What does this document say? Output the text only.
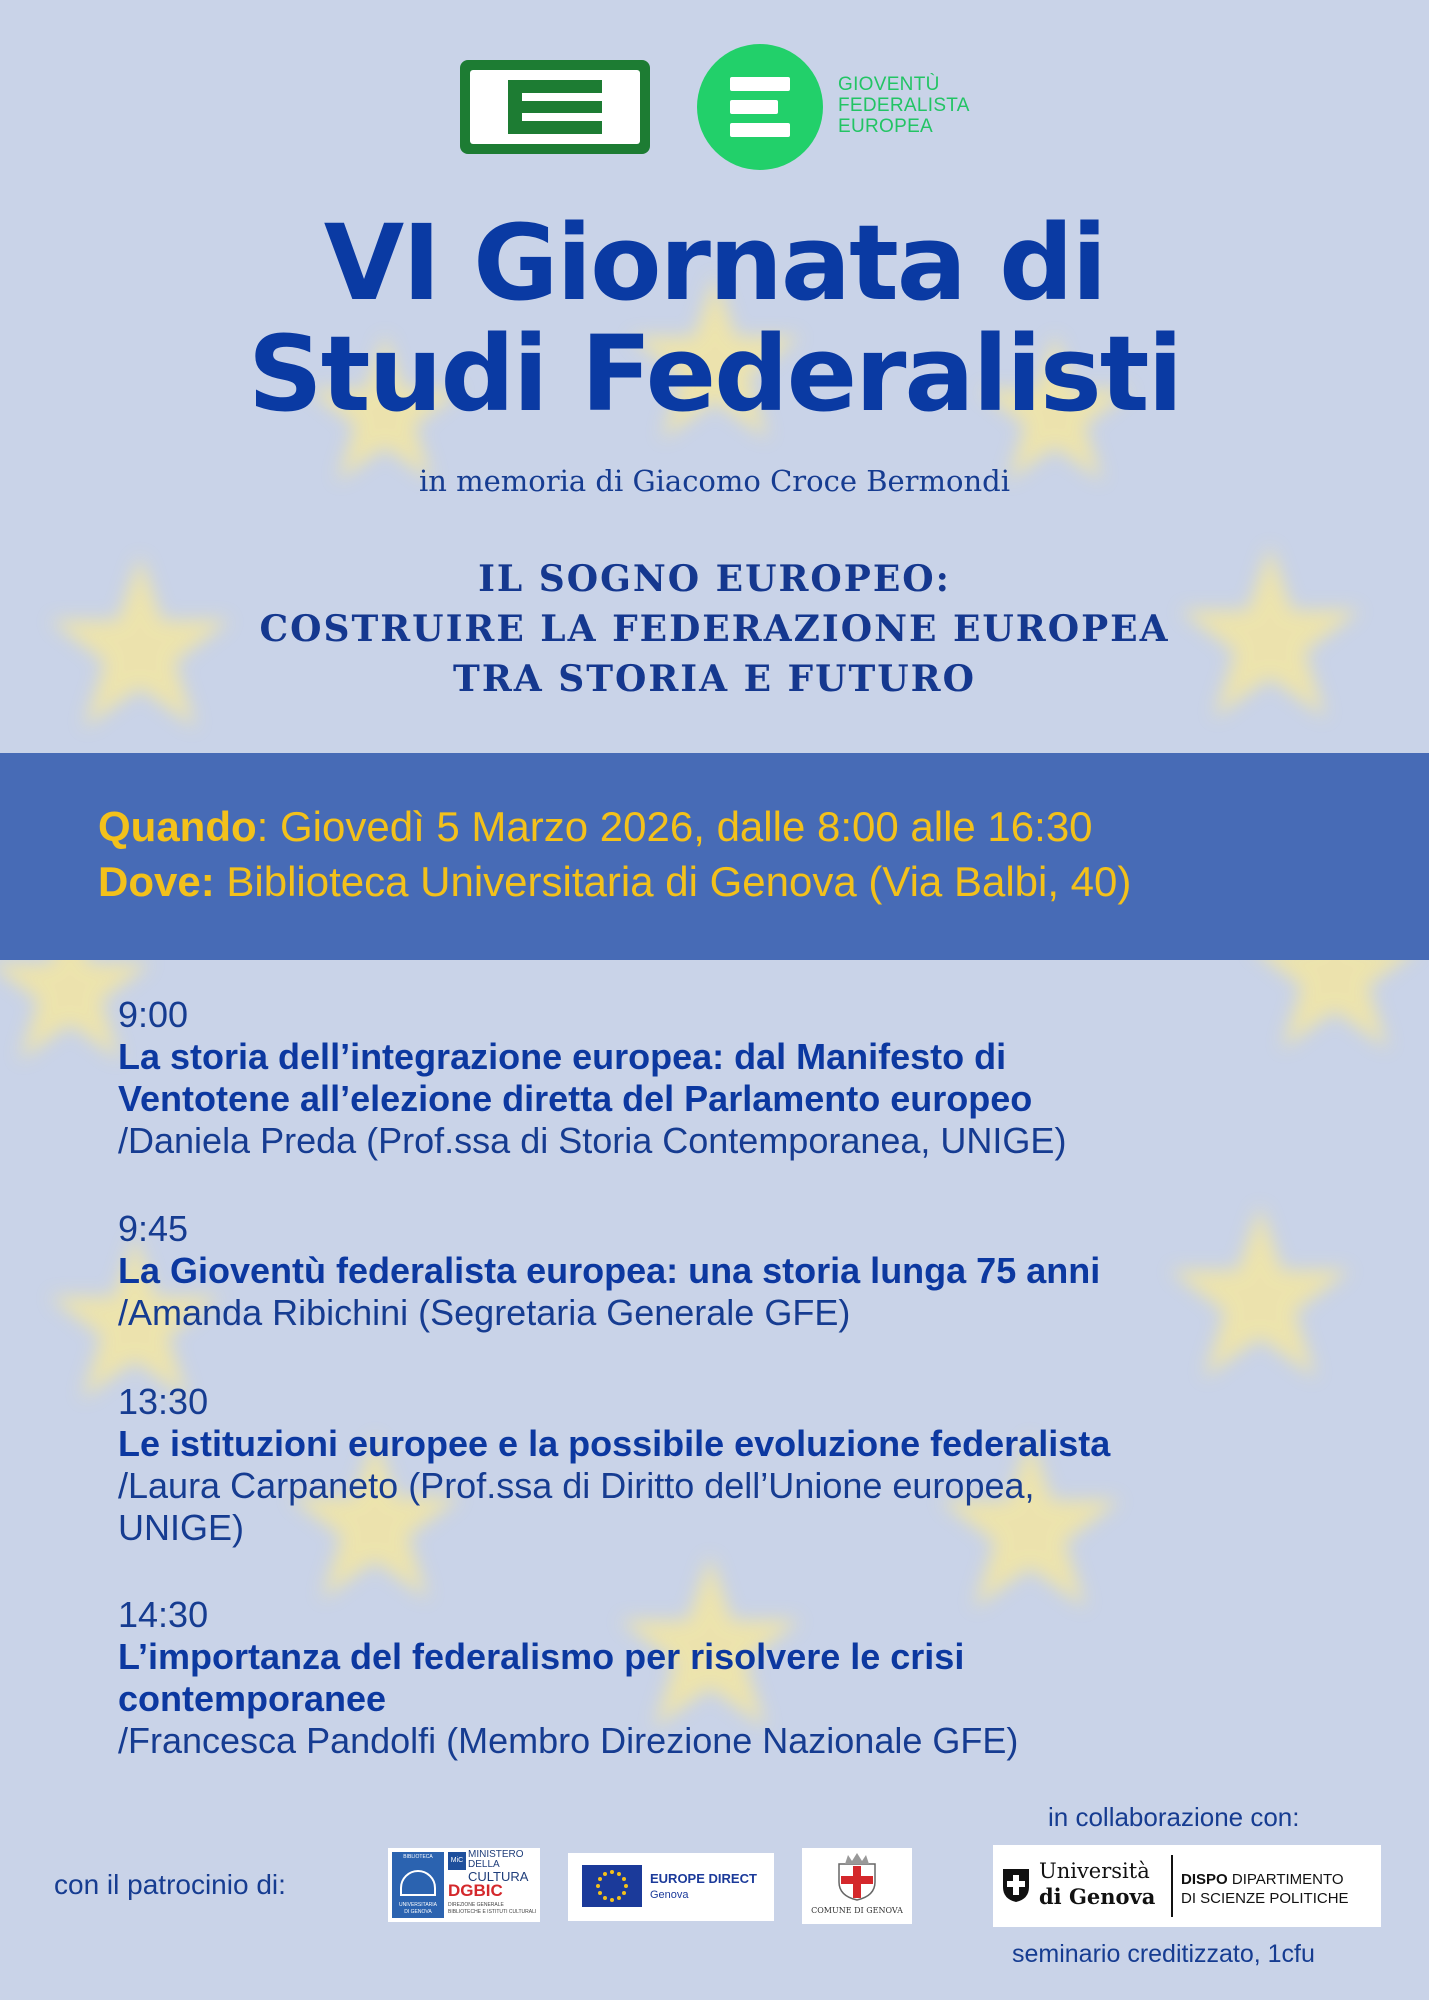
GIOVENTÙ
FEDERALISTA
EUROPEA
VI Giornata di
Studi Federalisti
in memoria di Giacomo Croce Bermondi
IL SOGNO EUROPEO:
COSTRUIRE LA FEDERAZIONE EUROPEA
TRA STORIA E FUTURO
Quando: Giovedì 5 Marzo 2026, dalle 8:00 alle 16:30
Dove: Biblioteca Universitaria di Genova (Via Balbi, 40)
9:00
La storia dell’integrazione europea: dal Manifesto di
Ventotene all’elezione diretta del Parlamento europeo
/Daniela Preda (Prof.ssa di Storia Contemporanea, UNIGE)
9:45
La Gioventù federalista europea: una storia lunga 75 anni
/Amanda Ribichini (Segretaria Generale GFE)
13:30
Le istituzioni europee e la possibile evoluzione federalista
/Laura Carpaneto (Prof.ssa di Diritto dell’Unione europea,
UNIGE)
14:30
L’importanza del federalismo per risolvere le crisi
contemporanee
/Francesca Pandolfi (Membro Direzione Nazionale GFE)
in collaborazione con:
con il patrocinio di:
seminario creditizzato, 1cfu
BIBLIOTECA
UNIVERSITARIA
DI GENOVA
MiC
MINISTERO
DELLA
CULTURA
DGBIC
DIREZIONE GENERALE
BIBLIOTECHE E ISTITUTI CULTURALI
EUROPE DIRECT
Genova
COMUNE DI GENOVA
Università
di Genova
DISPO DIPARTIMENTO
DI SCIENZE POLITICHE
